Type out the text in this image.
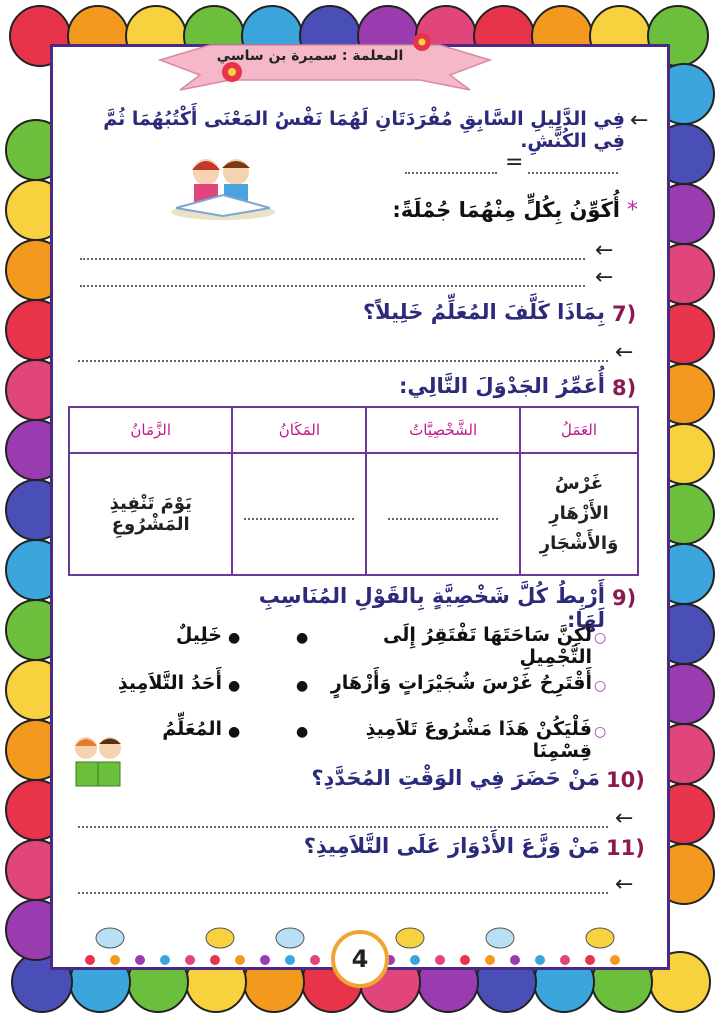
المعلمة : سميرة بن ساسي
←
فِي الدَّلِيلِ السَّابِقِ مُفْرَدَتَانِ لَهُمَا نَفْسُ المَعْنَى أَكْتُبُهُمَا ثُمَّ فِي الكُنَّشِ.
=
*
أُكَوِّنُ بِكُلٍّ مِنْهُمَا جُمْلَةً:
←
←
7)
بِمَاذَا كَلَّفَ المُعَلِّمُ خَلِيلاً؟
←
8)
أُعَمِّرُ الجَدْوَلَ التَّالِي:
الزَّمَانُ	المَكَانُ	الشَّخْصِيَّاتُ	العَمَلُ
يَوْمَ تَنْفِيذِ المَشْرُوعِ			غَرْسُ
الأَزْهَارِ
وَالأَشْجَارِ
9)
أَرْبِطُ كُلَّ شَخْصِيَّةٍ بِالقَوْلِ المُنَاسِبِ لَهَا:
○
لَكِنَّ سَاحَتَهَا تَفْتَقِرُ إِلَى التَّجْمِيلِ
●
●
خَلِيلٌ
○
أَقْتَرِحُ غَرْسَ شُجَيْرَاتٍ وَأَزْهَارٍ
●
●
أَحَدُ التَّلاَمِيذِ
○
فَلْيَكُنْ هَذَا مَشْرُوعَ تَلاَمِيذِ قِسْمِنَا
●
●
المُعَلِّمُ
10)
مَنْ حَضَرَ فِي الوَقْتِ المُحَدَّدِ؟
←
11)
مَنْ وَزَّعَ الأَدْوَارَ عَلَى التَّلاَمِيذِ؟
←
4
